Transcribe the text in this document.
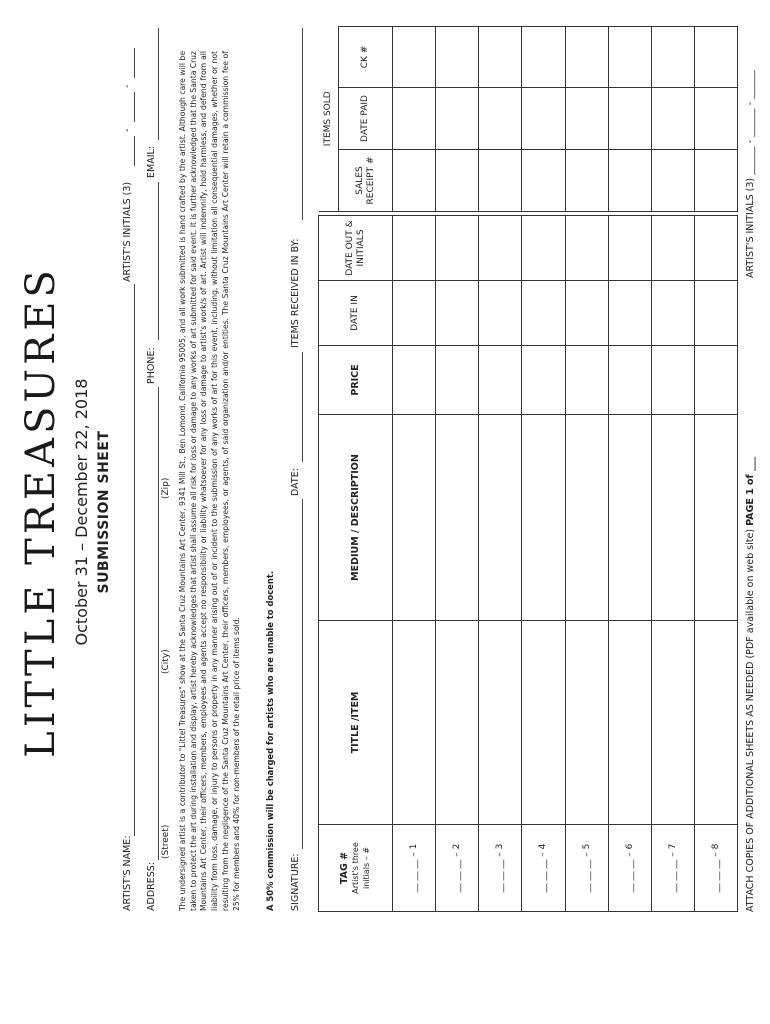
LITTLE TREASURES October 31 – December 22, 2018 SUBMISSION SHEET
ARTIST'S NAME:
ARTIST'S INITIALS (3)
-
-
ADDRESS:
PHONE:
EMAIL:
(Street)
(City)
(Zip) The undersigned artist is a contributor to "Littel Treasures" show at the Santa Cruz Mountains Art Center, 9341 Mill St., Ben Lomond, California 95005, and all work submitted is hand crafted by the artist. Although care will be taken to protect the art during installation and display, artist hereby acknowledges that artist shall assume all risk for loss or damage to any works of art submitted for said event. It is further acknowledged that the Santa Cruz Mountains Art Center, their officers, members, employees and agents accept no responsibility or liability whatsoever for any loss or damage to artist's work/s of art. Artist will indemnify, hold harmless, and defend from all liability from loss, damage, or injury to persons or property in any manner arising out of or incident to the submission of any works of art for this event, including, without limitation all consequential damages, whether or not resulting from the negligence of the Santa Cruz Mountains Art Center, their officers, members, employees, or agents, of said organization and/or entities. The Santa Cruz Mountains Art Center will retain a commission fee of 25% for members and 40% for non-members of the retail price of items sold.	A 50% commission will be charged for artists who are unable to docent. SIGNATURE:
DATE:
ITEMS RECEIVED IN BY:
TAG # Artist's three initials – #	TITLE /ITEM	MEDIUM / DESCRIPTION	PRICE	DATE IN	DATE OUT & INITIALS		ITEMS SOLD		
							SALES RECEIPT #	DATE PAID	CK #
__ __ __ – 1									
__ __ __ – 2									
__ __ __ – 3									
__ __ __ – 4									
__ __ __ – 5									
__ __ __ – 6									
__ __ __ – 7									
__ __ __ – 8										ATTACH COPIES OF ADDITIONAL SHEETS AS NEEDED (PDF available on web site) PAGE 1 of ___
ARTIST'S INITIALS (3) ______ - ______ - ______
